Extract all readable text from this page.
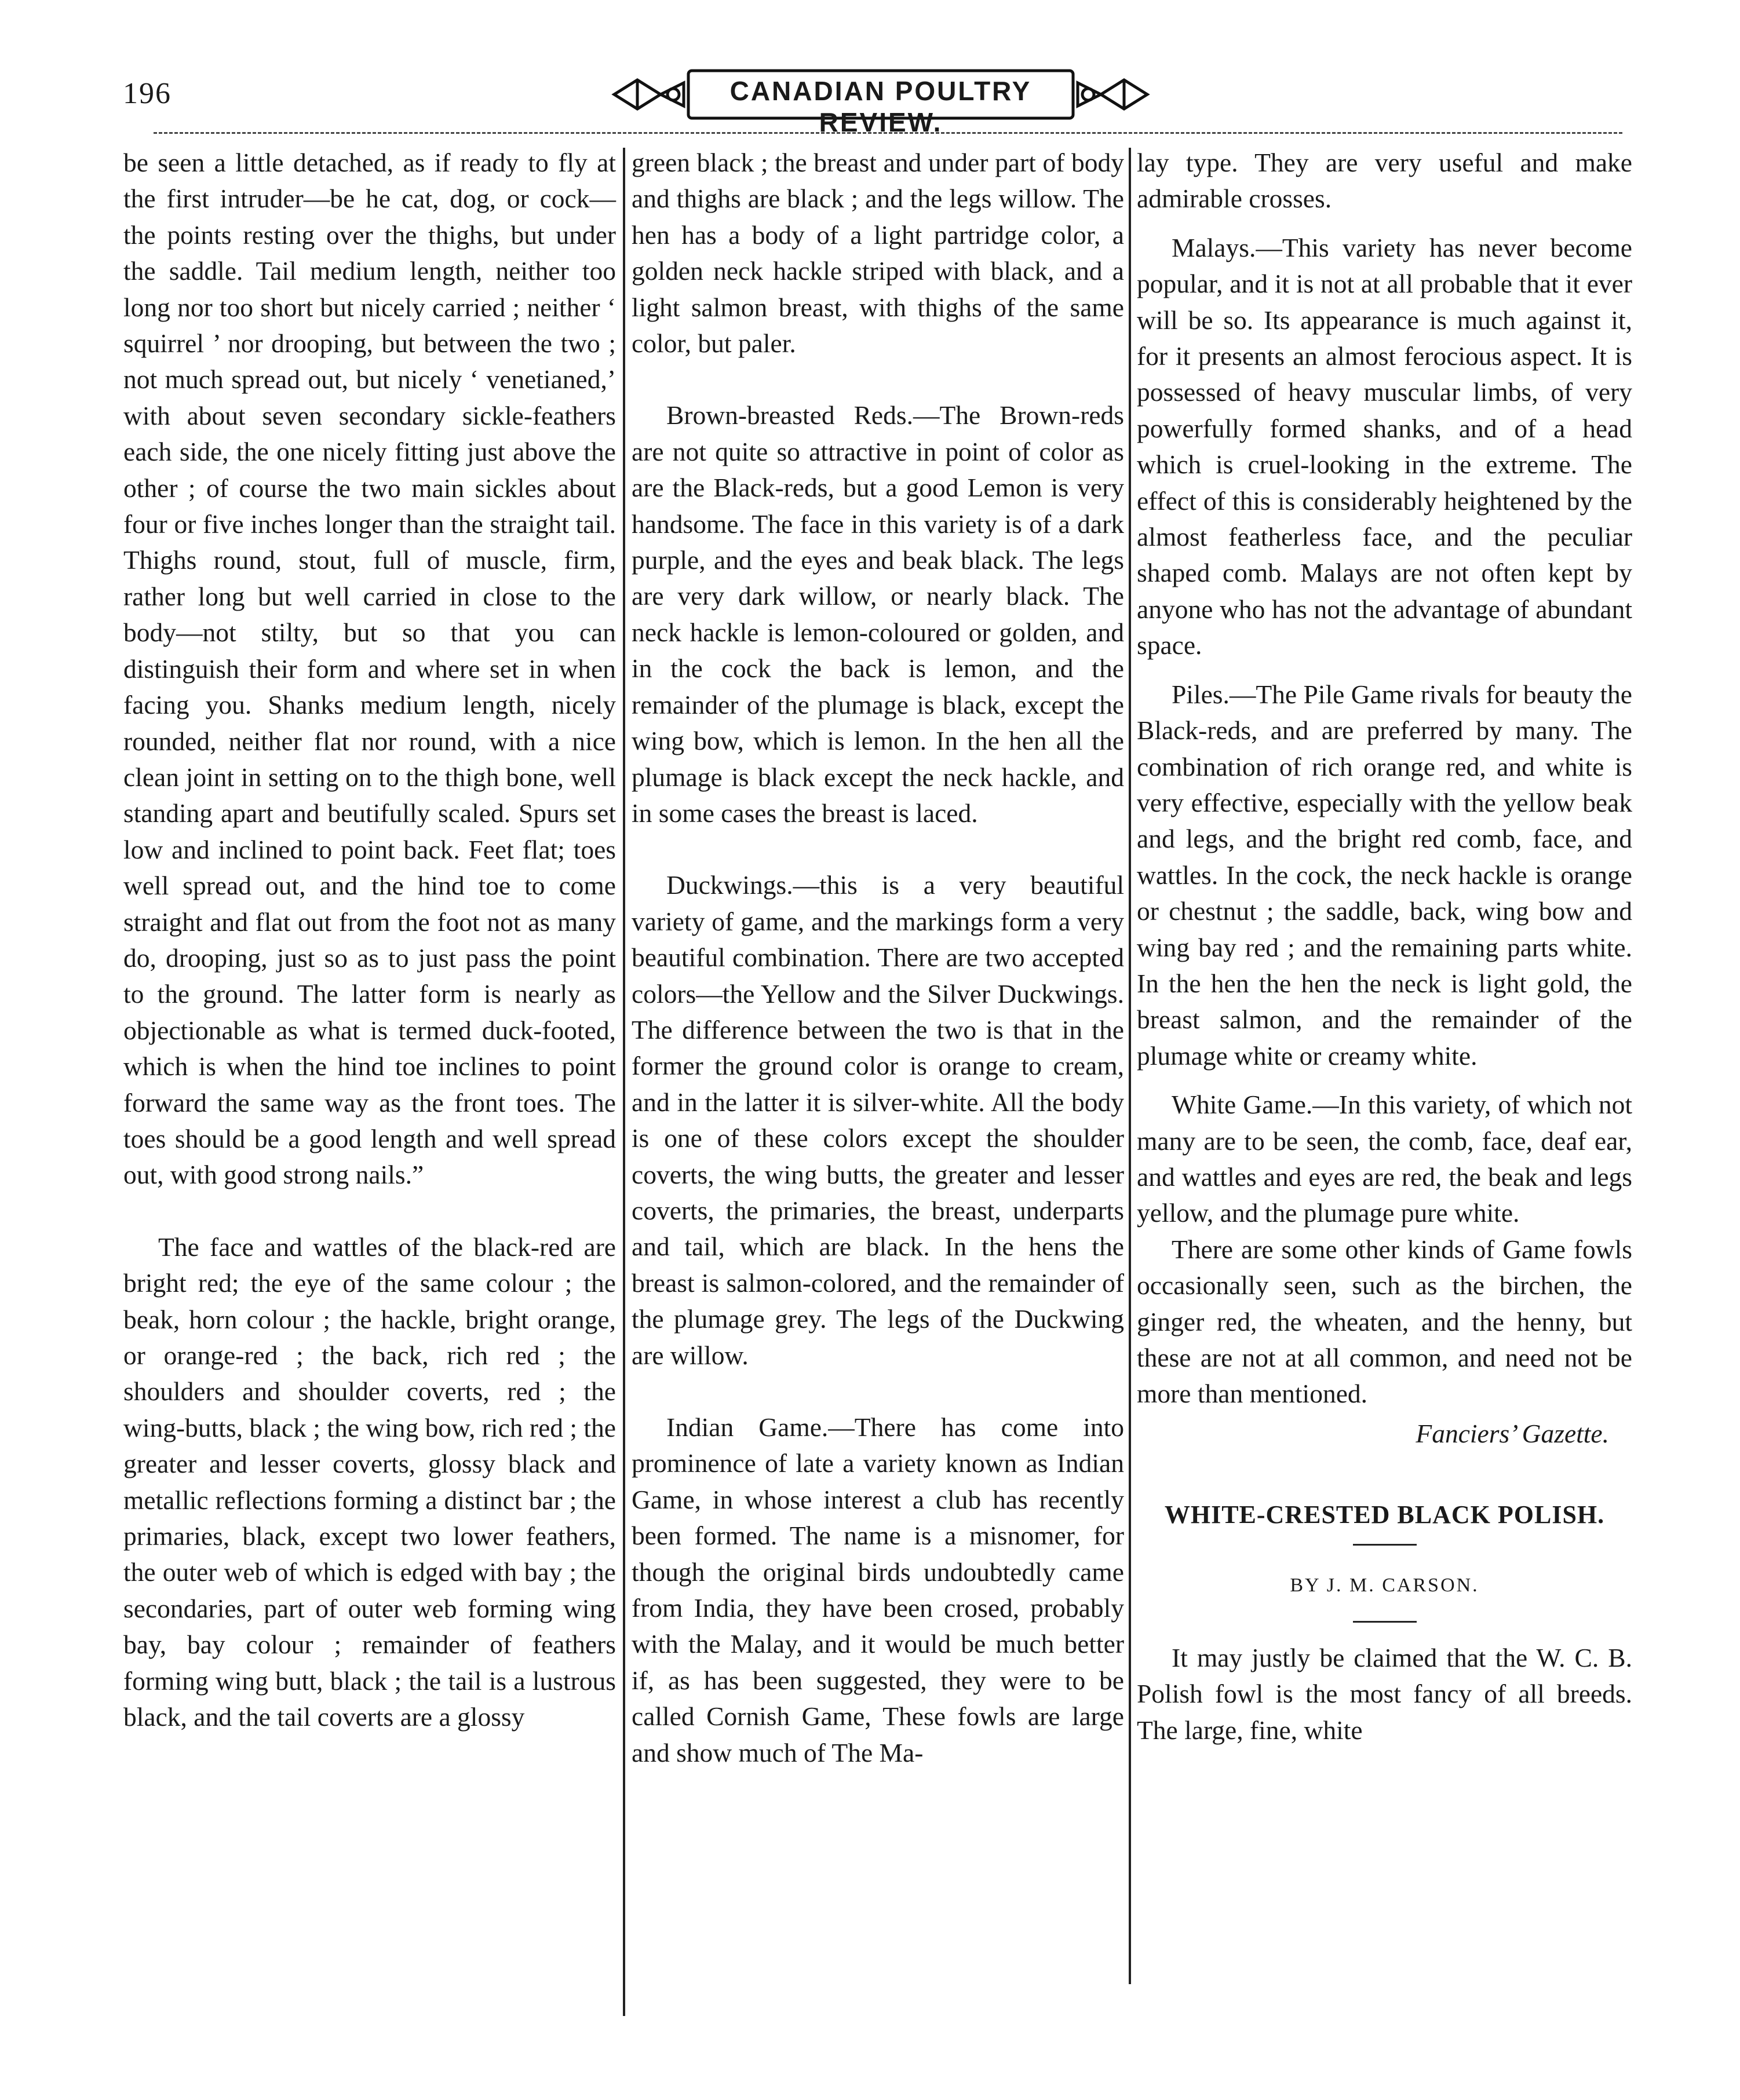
196	CANADIAN POULTRY REVIEW.

be seen a little detached, as if ready to fly at the first intruder—be he cat, dog, or cock—the points resting over the thighs, but under the saddle. Tail medium length, neither too long nor too short but nicely carried ; neither ‘ squirrel ’ nor drooping, but between the two ; not much spread out, but nicely ‘ venetianed,’ with about seven secondary sickle-feathers each side, the one nicely fitting just above the other ; of course the two main sickles about four or five inches longer than the straight tail. Thighs round, stout, full of muscle, firm, rather long but well carried in close to the body—not stilty, but so that you can distinguish their form and where set in when facing you. Shanks medium length, nicely rounded, neither flat nor round, with a nice clean joint in setting on to the thigh bone, well standing apart and beutifully scaled. Spurs set low and inclined to point back. Feet flat; toes well spread out, and the hind toe to come straight and flat out from the foot not as many do, drooping, just so as to just pass the point to the ground. The latter form is nearly as objectionable as what is termed duck-footed, which is when the hind toe inclines to point forward the same way as the front toes. The toes should be a good length and well spread out, with good strong nails.”

The face and wattles of the black-red are bright red; the eye of the same colour ; the beak, horn colour ; the hackle, bright orange, or orange-red ; the back, rich red ; the shoulders and shoulder coverts, red ; the wing-butts, black ; the wing bow, rich red ; the greater and lesser coverts, glossy black and metallic reflections forming a distinct bar ; the primaries, black, except two lower feathers, the outer web of which is edged with bay ; the secondaries, part of outer web forming wing bay, bay colour ; remainder of feathers forming wing butt, black ; the tail is a lustrous black, and the tail coverts are a glossy

green black ; the breast and under part of body and thighs are black ; and the legs willow. The hen has a body of a light partridge color, a golden neck hackle striped with black, and a light salmon breast, with thighs of the same color, but paler.

Brown-breasted Reds.—The Brown-reds are not quite so attractive in point of color as are the Black-reds, but a good Lemon is very handsome. The face in this variety is of a dark purple, and the eyes and beak black. The legs are very dark willow, or nearly black. The neck hackle is lemon-coloured or golden, and in the cock the back is lemon, and the remainder of the plumage is black, except the wing bow, which is lemon. In the hen all the plumage is black except the neck hackle, and in some cases the breast is laced.

Duckwings.—this is a very beautiful variety of game, and the markings form a very beautiful combination. There are two accepted colors—the Yellow and the Silver Duckwings. The difference between the two is that in the former the ground color is orange to cream, and in the latter it is silver-white. All the body is one of these colors except the shoulder coverts, the wing butts, the greater and lesser coverts, the primaries, the breast, underparts and tail, which are black. In the hens the breast is salmon-colored, and the remainder of the plumage grey. The legs of the Duckwing are willow.

Indian Game.—There has come into prominence of late a variety known as Indian Game, in whose interest a club has recently been formed. The name is a misnomer, for though the original birds undoubtedly came from India, they have been crosed, probably with the Malay, and it would be much better if, as has been suggested, they were to be called Cornish Game, These fowls are large and show much of The Ma-

lay type. They are very useful and make admirable crosses.

Malays.—This variety has never become popular, and it is not at all probable that it ever will be so. Its appearance is much against it, for it presents an almost ferocious aspect. It is possessed of heavy muscular limbs, of very powerfully formed shanks, and of a head which is cruel-looking in the extreme. The effect of this is considerably heightened by the almost featherless face, and the peculiar shaped comb. Malays are not often kept by anyone who has not the advantage of abundant space.

Piles.—The Pile Game rivals for beauty the Black-reds, and are preferred by many. The combination of rich orange red, and white is very effective, especially with the yellow beak and legs, and the bright red comb, face, and wattles. In the cock, the neck hackle is orange or chestnut ; the saddle, back, wing bow and wing bay red ; and the remaining parts white. In the hen the hen the neck is light gold, the breast salmon, and the remainder of the plumage white or creamy white.

White Game.—In this variety, of which not many are to be seen, the comb, face, deaf ear, and wattles and eyes are red, the beak and legs yellow, and the plumage pure white.

There are some other kinds of Game fowls occasionally seen, such as the birchen, the ginger red, the wheaten, and the henny, but these are not at all common, and need not be more than mentioned.

Fanciers’ Gazette.
WHITE-CRESTED BLACK POLISH.
BY J. M. CARSON.

It may justly be claimed that the W. C. B. Polish fowl is the most fancy of all breeds. The large, fine, white
